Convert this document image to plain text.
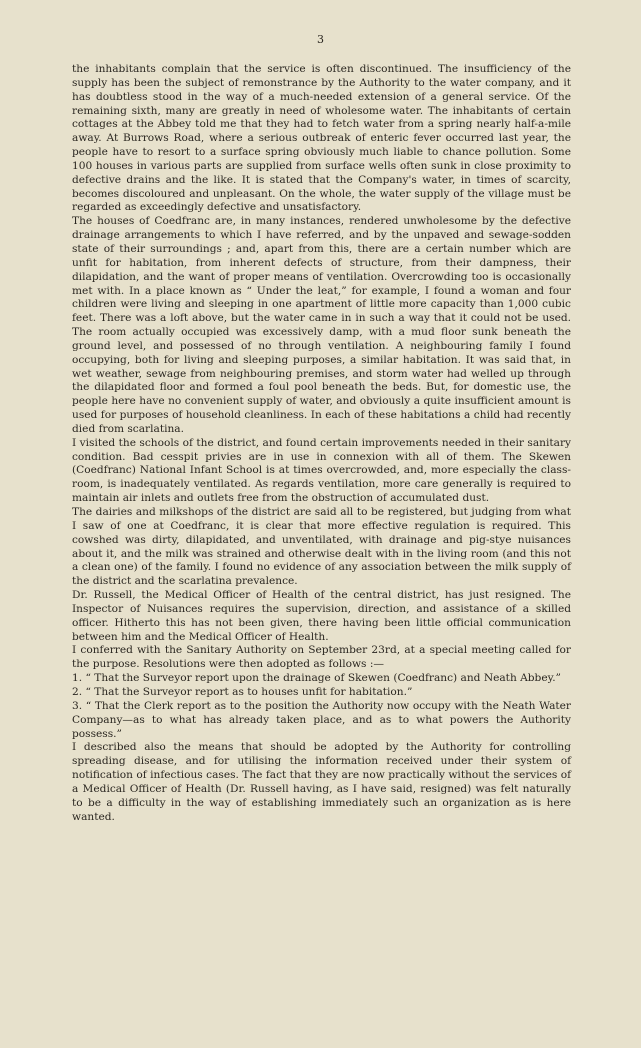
3

the inhabitants complain that the service is often discontinued. The insufficiency of the supply has been the subject of remonstrance by the Authority to the water company, and it has doubtless stood in the way of a much-needed extension of a general service. Of the remaining sixth, many are greatly in need of wholesome water. The inhabitants of certain cottages at the Abbey told me that they had to fetch water from a spring nearly half-a-mile away. At Burrows Road, where a serious outbreak of enteric fever occurred last year, the people have to resort to a surface spring obviously much liable to chance pollution. Some 100 houses in various parts are supplied from surface wells often sunk in close proximity to defective drains and the like. It is stated that the Company's water, in times of scarcity, becomes discoloured and unpleasant. On the whole, the water supply of the village must be regarded as exceedingly defective and unsatisfactory.

The houses of Coedfranc are, in many instances, rendered unwholesome by the defective drainage arrangements to which I have referred, and by the unpaved and sewage-sodden state of their surroundings ; and, apart from this, there are a certain number which are unfit for habitation, from inherent defects of structure, from their dampness, their dilapidation, and the want of proper means of ventilation. Overcrowding too is occasionally met with. In a place known as “ Under the leat,” for example, I found a woman and four children were living and sleeping in one apartment of little more capacity than 1,000 cubic feet. There was a loft above, but the water came in in such a way that it could not be used. The room actually occupied was excessively damp, with a mud floor sunk beneath the ground level, and possessed of no through ventilation. A neighbouring family I found occupying, both for living and sleeping purposes, a similar habitation. It was said that, in wet weather, sewage from neighbouring premises, and storm water had welled up through the dilapidated floor and formed a foul pool beneath the beds. But, for domestic use, the people here have no convenient supply of water, and obviously a quite insufficient amount is used for purposes of household cleanliness. In each of these habitations a child had recently died from scarlatina.

I visited the schools of the district, and found certain improvements needed in their sanitary condition. Bad cesspit privies are in use in connexion with all of them. The Skewen (Coedfranc) National Infant School is at times overcrowded, and, more especially the class-room, is inadequately ventilated. As regards ventilation, more care generally is required to maintain air inlets and outlets free from the obstruction of accumulated dust.

The dairies and milkshops of the district are said all to be registered, but judging from what I saw of one at Coedfranc, it is clear that more effective regulation is required. This cowshed was dirty, dilapidated, and unventilated, with drainage and pig-stye nuisances about it, and the milk was strained and otherwise dealt with in the living room (and this not a clean one) of the family. I found no evidence of any association between the milk supply of the district and the scarlatina prevalence.

Dr. Russell, the Medical Officer of Health of the central district, has just resigned. The Inspector of Nuisances requires the supervision, direction, and assistance of a skilled officer. Hitherto this has not been given, there having been little official communication between him and the Medical Officer of Health.

I conferred with the Sanitary Authority on September 23rd, at a special meeting called for the purpose. Resolutions were then adopted as follows :—

1. “ That the Surveyor report upon the drainage of Skewen (Coedfranc) and Neath Abbey.”

2. “ That the Surveyor report as to houses unfit for habitation.”

3. “ That the Clerk report as to the position the Authority now occupy with the Neath Water Company—as to what has already taken place, and as to what powers the Authority possess.”

I described also the means that should be adopted by the Authority for controlling spreading disease, and for utilising the information received under their system of notification of infectious cases. The fact that they are now practically without the services of a Medical Officer of Health (Dr. Russell having, as I have said, resigned) was felt naturally to be a difficulty in the way of establishing immediately such an organization as is here wanted.
